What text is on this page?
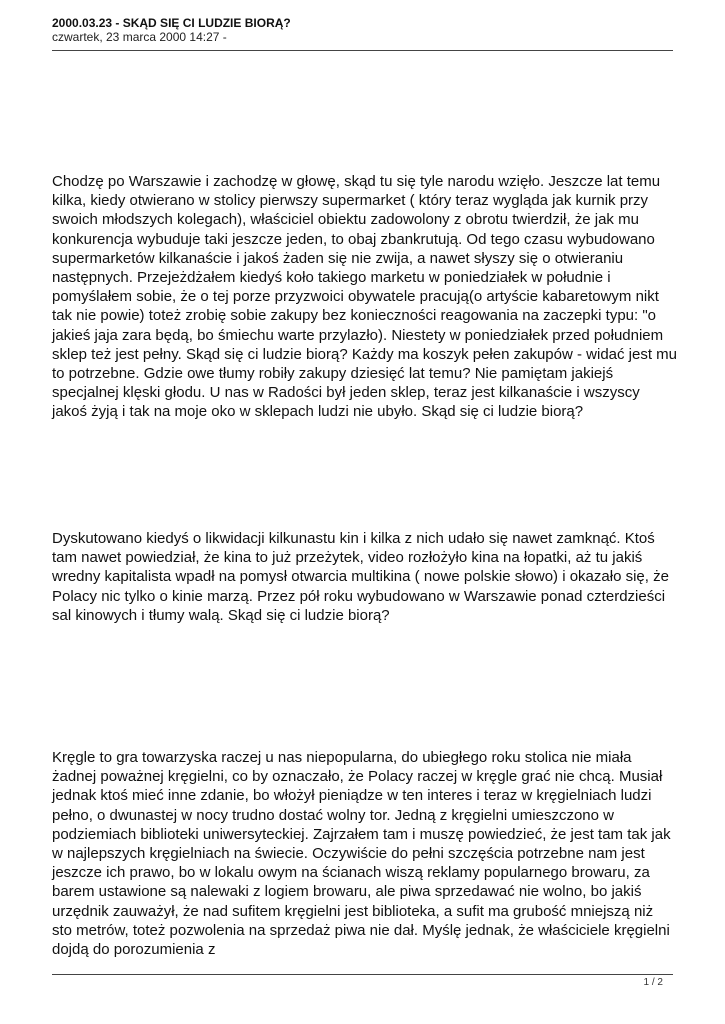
2000.03.23 - SKĄD SIĘ CI LUDZIE BIORĄ?

czwartek, 23 marca 2000 14:27 -

Chodzę po Warszawie i zachodzę w głowę, skąd tu się tyle narodu wzięło. Jeszcze lat temu kilka, kiedy otwierano w stolicy pierwszy supermarket ( który teraz wygląda jak kurnik przy swoich młodszych kolegach), właściciel obiektu zadowolony z obrotu twierdził, że jak mu konkurencja wybuduje taki jeszcze jeden, to obaj zbankrutują. Od tego czasu wybudowano supermarketów kilkanaście i jakoś żaden się nie zwija, a nawet słyszy się o otwieraniu następnych. Przejeżdżałem kiedyś koło takiego marketu w poniedziałek w południe i pomyślałem sobie, że o tej porze przyzwoici obywatele pracują(o artyście kabaretowym nikt tak nie powie) toteż zrobię sobie zakupy bez konieczności reagowania na zaczepki typu: "o jakieś jaja zara będą, bo śmiechu warte przylazło). Niestety w poniedziałek przed południem sklep też jest pełny. Skąd się ci ludzie biorą? Każdy ma koszyk pełen zakupów - widać jest mu to potrzebne. Gdzie owe tłumy robiły zakupy dziesięć lat temu? Nie pamiętam jakiejś specjalnej klęski głodu. U nas w Radości był jeden sklep, teraz jest kilkanaście i wszyscy jakoś żyją i tak na moje oko w sklepach ludzi nie ubyło. Skąd się ci ludzie biorą?

Dyskutowano kiedyś o likwidacji kilkunastu kin i kilka z nich udało się nawet zamknąć. Ktoś tam nawet powiedział, że kina to już przeżytek, video rozłożyło kina na łopatki, aż tu jakiś wredny kapitalista wpadł na pomysł otwarcia multikina ( nowe polskie słowo) i okazało się, że Polacy nic tylko o kinie marzą. Przez pół roku wybudowano w Warszawie ponad czterdzieści sal kinowych i tłumy walą. Skąd się ci ludzie biorą?

Kręgle to gra towarzyska raczej u nas niepopularna, do ubiegłego roku stolica nie miała żadnej poważnej kręgielni, co by oznaczało, że Polacy raczej w kręgle grać nie chcą. Musiał jednak ktoś mieć inne zdanie, bo włożył pieniądze w ten interes i teraz w kręgielniach ludzi pełno, o dwunastej w nocy trudno dostać wolny tor. Jedną z kręgielni umieszczono w podziemiach biblioteki uniwersyteckiej. Zajrzałem tam i muszę powiedzieć, że jest tam tak jak w najlepszych kręgielniach na świecie. Oczywiście do pełni szczęścia potrzebne nam jest jeszcze ich prawo, bo w lokalu owym na ścianach wiszą reklamy popularnego browaru, za barem ustawione są nalewaki z logiem browaru, ale piwa sprzedawać nie wolno, bo jakiś urzędnik zauważył, że nad sufitem kręgielni jest biblioteka, a sufit ma grubość mniejszą niż sto metrów, toteż pozwolenia na sprzedaż piwa nie dał. Myślę jednak, że właściciele kręgielni dojdą do porozumienia z

1 / 2
